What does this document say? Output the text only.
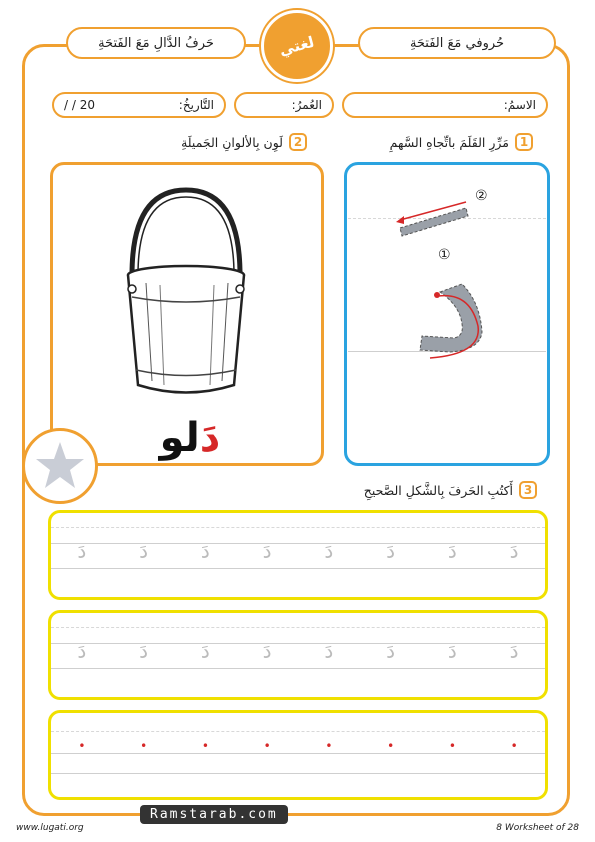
حُروفي مَعَ الفَتحَةِ
حَرفُ الدَّالِ مَعَ الفَتحَةِ	لغتي
الاسمُ:
العُمرُ:
التَّاريخُ:
/ / 20
1
مَرِّرِ القَلَمَ باتِّجاهِ السَّهمِ
2
لَوِن بِالألوانِ الجَميلَةِ
دَلو
②
①
3
أَكتُبِ الحَرفَ بِالشَّكلِ الصَّحيحِ
دَ
دَ
دَ
دَ
دَ
دَ
دَ
دَ
دَ
دَ
دَ
دَ
دَ
دَ
دَ
دَ
•
•
•
•
•
•
•
•
www.lugati.org
Ramstarab.com
8 Worksheet of 28
